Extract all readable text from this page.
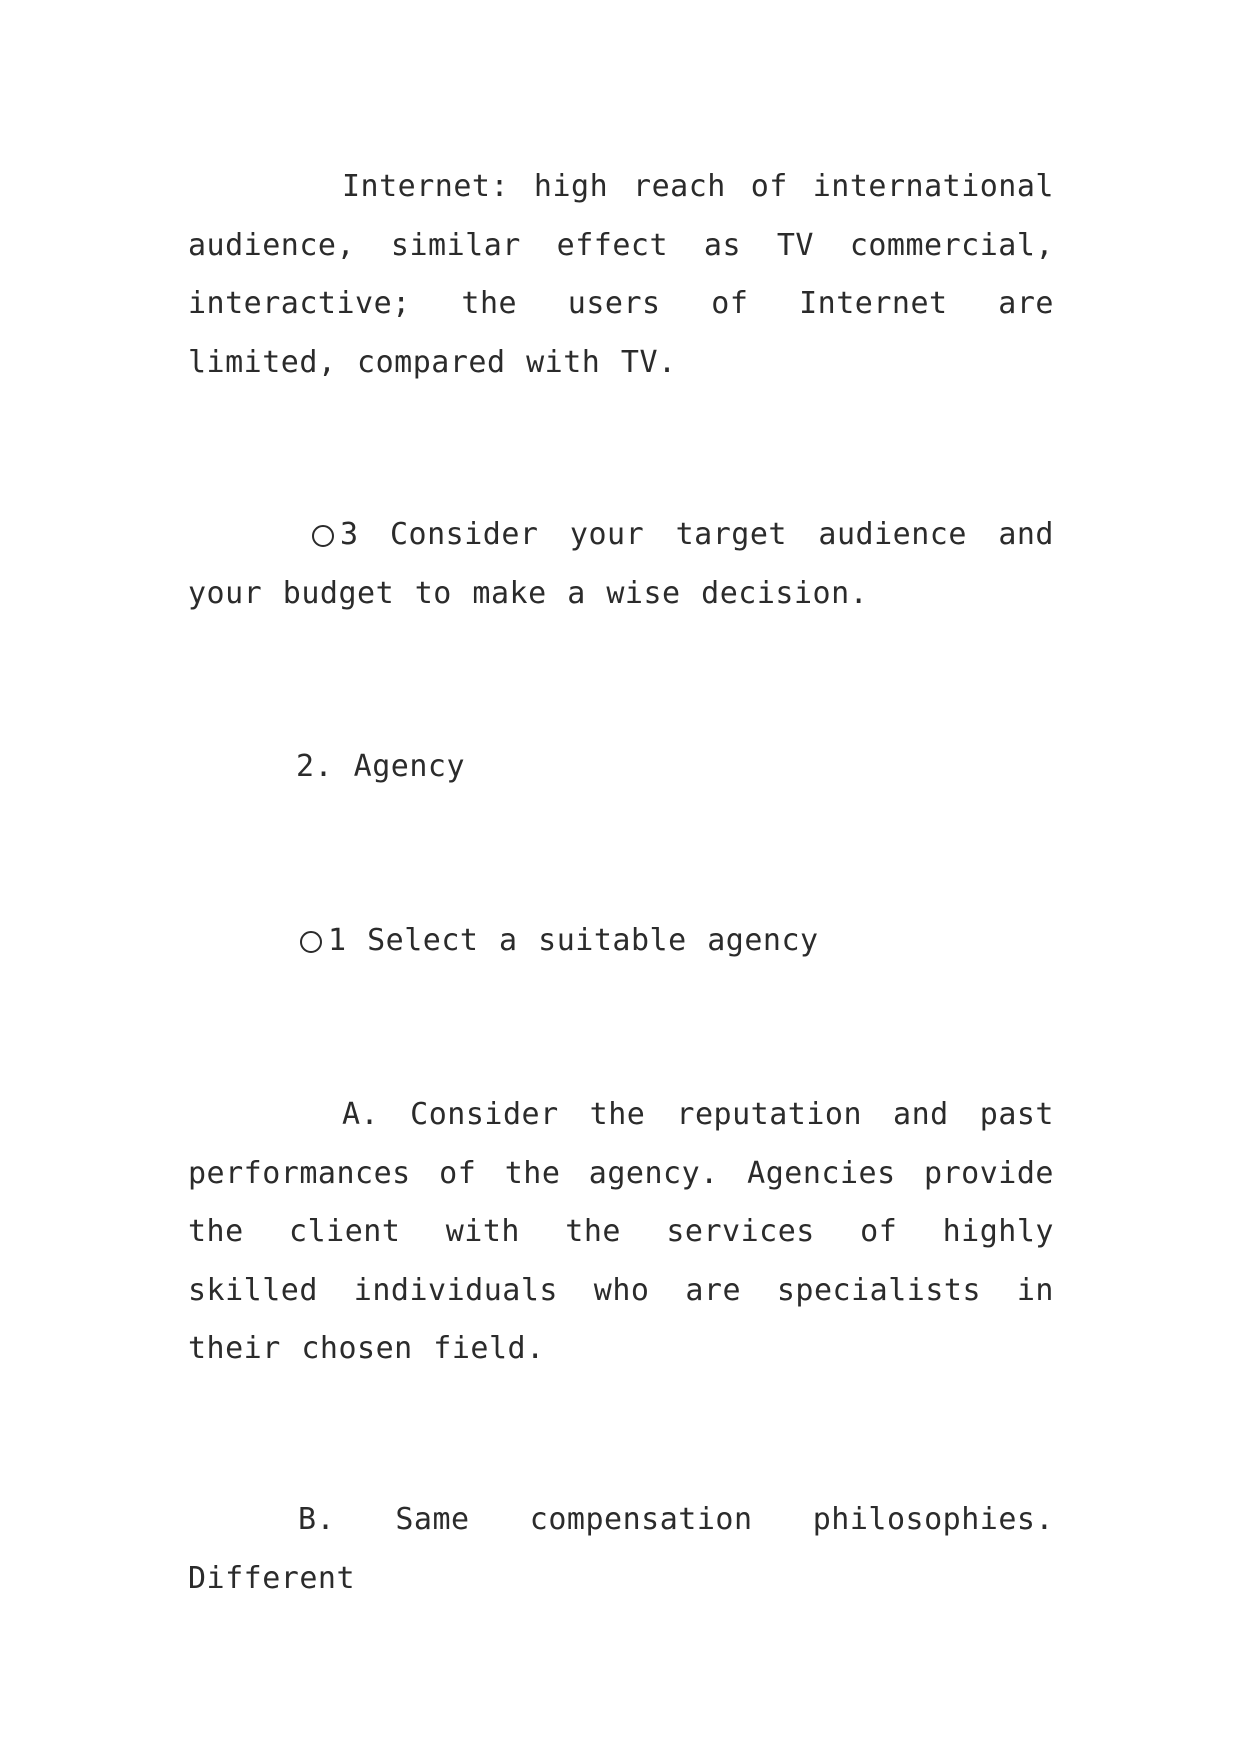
Internet: high reach of international audience, similar effect as TV commercial, interactive; the users of Internet are limited, compared with TV.

3 Consider your target audience and your budget to make a wise decision.

2. Agency

1 Select a suitable agency

A. Consider the reputation and past performances of the agency. Agencies provide the client with the services of highly skilled individuals who are specialists in their chosen field.

B. Same compensation philosophies. Different
